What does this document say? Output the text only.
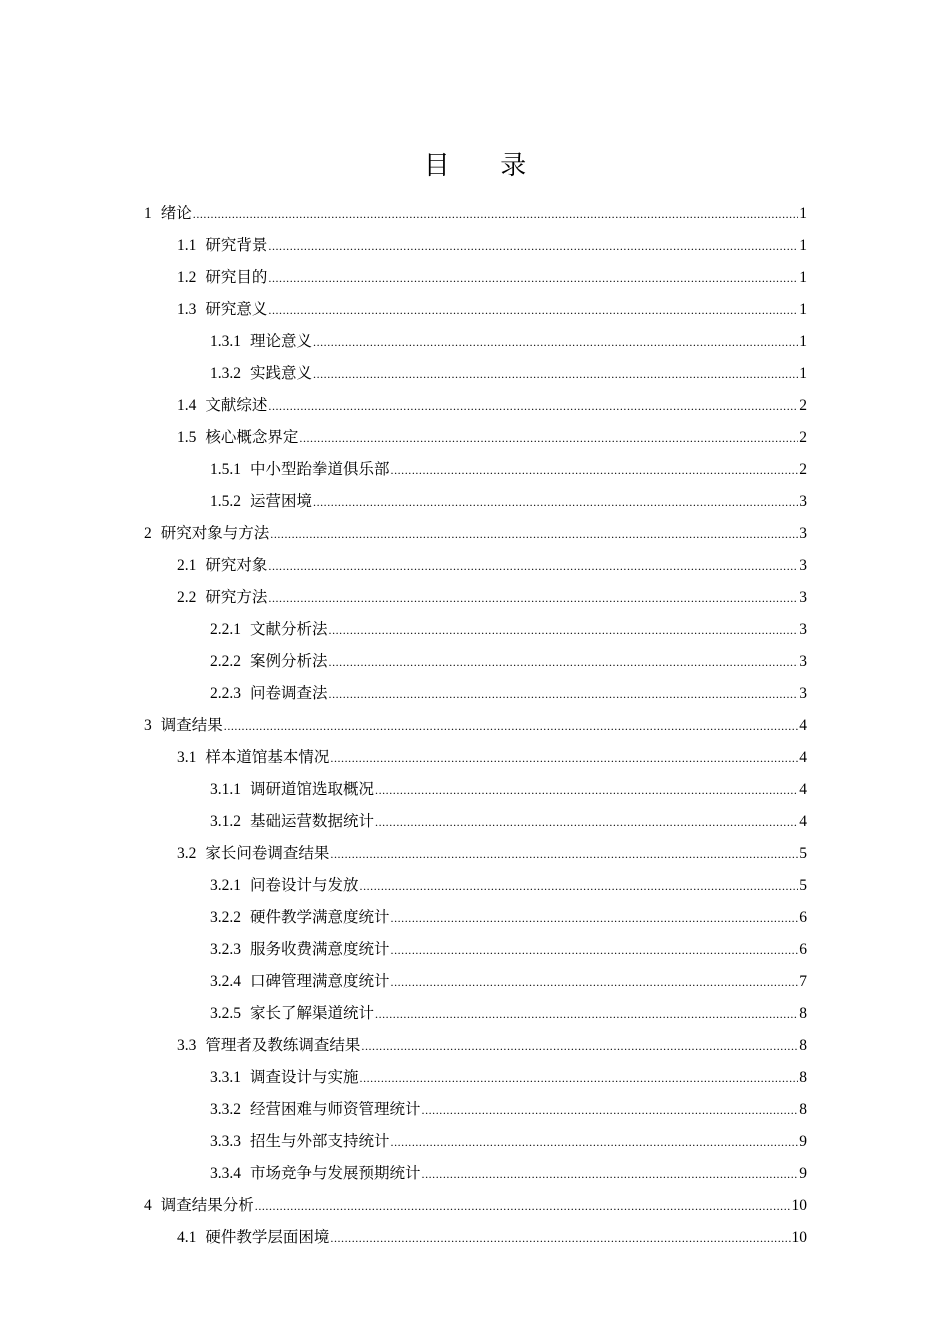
目 录
1 绪论 .....	1
1.1 研究背景 .....	1
1.2 研究目的 .....	1
1.3 研究意义 .....	1
1.3.1 理论意义 .....	1
1.3.2 实践意义 .....	1
1.4 文献综述 .....	2
1.5 核心概念界定 .....	2
1.5.1 中小型跆拳道俱乐部 .....	2
1.5.2 运营困境 .....	3
2 研究对象与方法 .....	3
2.1 研究对象 .....	3
2.2 研究方法 .....	3
2.2.1 文献分析法 .....	3
2.2.2 案例分析法 .....	3
2.2.3 问卷调查法 .....	3
3 调查结果 .....	4
3.1 样本道馆基本情况 .....	4
3.1.1 调研道馆选取概况 .....	4
3.1.2 基础运营数据统计 .....	4
3.2 家长问卷调查结果 .....	5
3.2.1 问卷设计与发放 .....	5
3.2.2 硬件教学满意度统计 .....	6
3.2.3 服务收费满意度统计 .....	6
3.2.4 口碑管理满意度统计 .....	7
3.2.5 家长了解渠道统计 .....	8
3.3 管理者及教练调查结果 .....	8
3.3.1 调查设计与实施 .....	8
3.3.2 经营困难与师资管理统计 .....	8
3.3.3 招生与外部支持统计 .....	9
3.3.4 市场竞争与发展预期统计 .....	9
4 调查结果分析 .....	10
4.1 硬件教学层面困境 .....	10
